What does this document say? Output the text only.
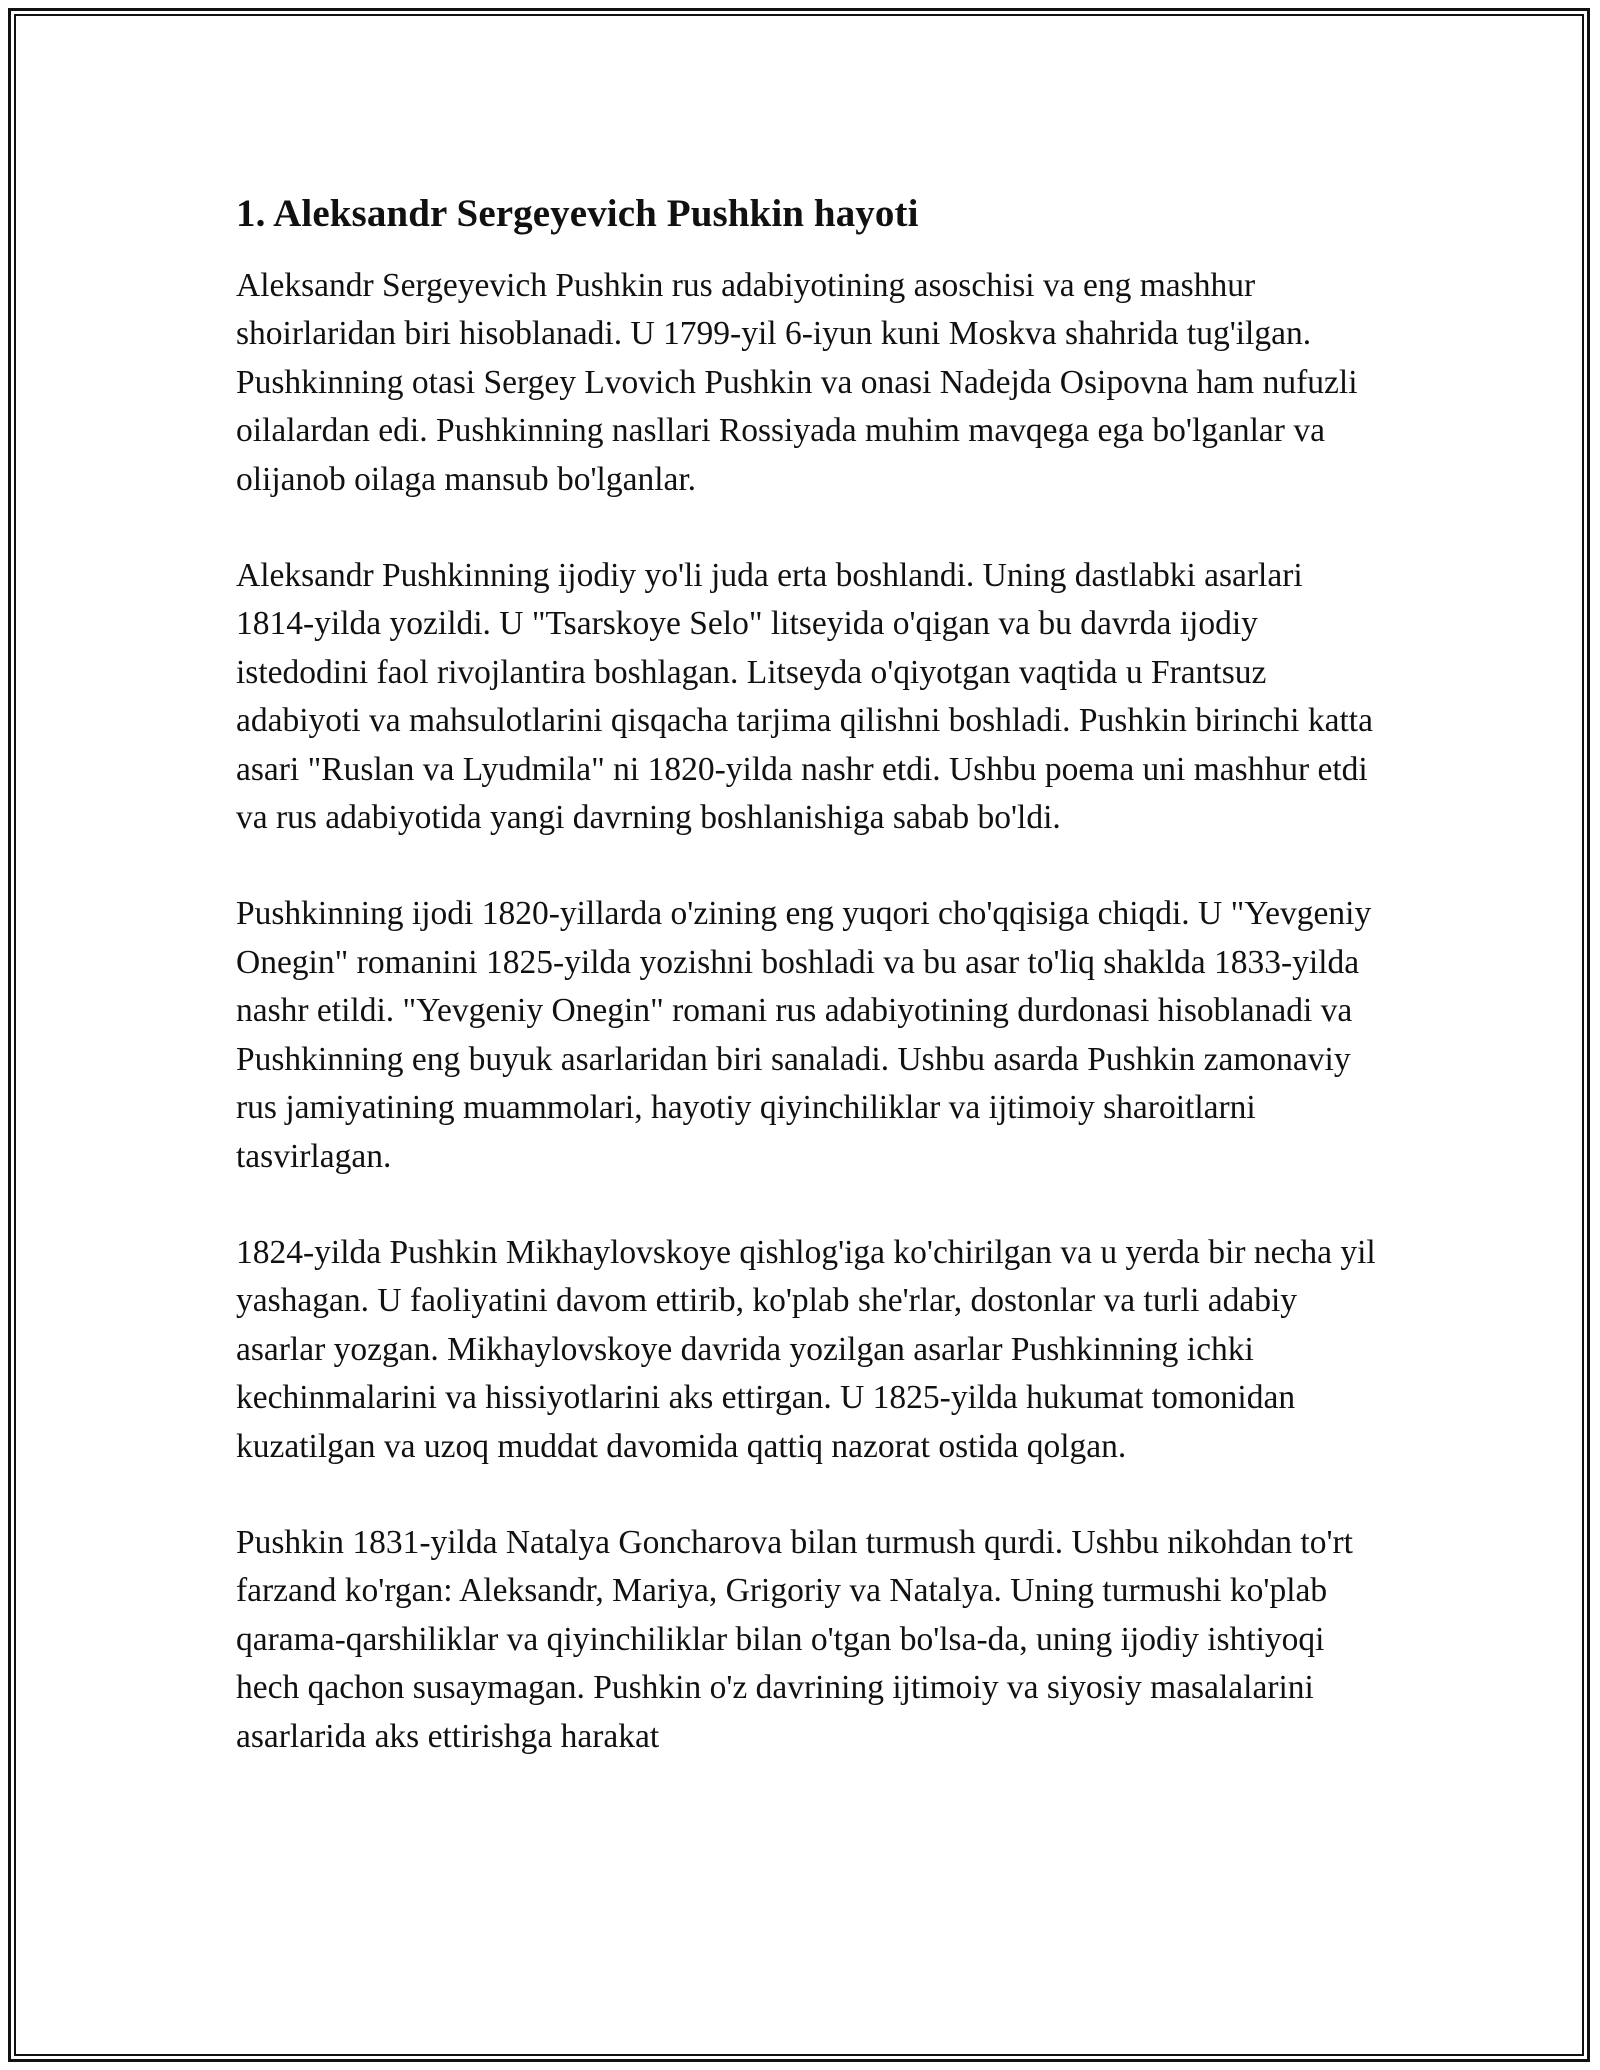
1. Aleksandr Sergeyevich Pushkin hayoti

Aleksandr Sergeyevich Pushkin rus adabiyotining asoschisi va eng mashhur shoirlaridan biri hisoblanadi. U 1799-yil 6-iyun kuni Moskva shahrida tug'ilgan. Pushkinning otasi Sergey Lvovich Pushkin va onasi Nadejda Osipovna ham nufuzli oilalardan edi. Pushkinning nasllari Rossiyada muhim mavqega ega bo'lganlar va olijanob oilaga mansub bo'lganlar.

Aleksandr Pushkinning ijodiy yo'li juda erta boshlandi. Uning dastlabki asarlari 1814-yilda yozildi. U "Tsarskoye Selo" litseyida o'qigan va bu davrda ijodiy istedodini faol rivojlantira boshlagan. Litseyda o'qiyotgan vaqtida u Frantsuz adabiyoti va mahsulotlarini qisqacha tarjima qilishni boshladi. Pushkin birinchi katta asari "Ruslan va Lyudmila" ni 1820-yilda nashr etdi. Ushbu poema uni mashhur etdi va rus adabiyotida yangi davrning boshlanishiga sabab bo'ldi.

Pushkinning ijodi 1820-yillarda o'zining eng yuqori cho'qqisiga chiqdi. U "Yevgeniy Onegin" romanini 1825-yilda yozishni boshladi va bu asar to'liq shaklda 1833-yilda nashr etildi. "Yevgeniy Onegin" romani rus adabiyotining durdonasi hisoblanadi va Pushkinning eng buyuk asarlaridan biri sanaladi. Ushbu asarda Pushkin zamonaviy rus jamiyatining muammolari, hayotiy qiyinchiliklar va ijtimoiy sharoitlarni tasvirlagan.

1824-yilda Pushkin Mikhaylovskoye qishlog'iga ko'chirilgan va u yerda bir necha yil yashagan. U faoliyatini davom ettirib, ko'plab she'rlar, dostonlar va turli adabiy asarlar yozgan. Mikhaylovskoye davrida yozilgan asarlar Pushkinning ichki kechinmalarini va hissiyotlarini aks ettirgan. U 1825-yilda hukumat tomonidan kuzatilgan va uzoq muddat davomida qattiq nazorat ostida qolgan.

Pushkin 1831-yilda Natalya Goncharova bilan turmush qurdi. Ushbu nikohdan to'rt farzand ko'rgan: Aleksandr, Mariya, Grigoriy va Natalya. Uning turmushi ko'plab qarama-qarshiliklar va qiyinchiliklar bilan o'tgan bo'lsa-da, uning ijodiy ishtiyoqi hech qachon susaymagan. Pushkin o'z davrining ijtimoiy va siyosiy masalalarini asarlarida aks ettirishga harakat
